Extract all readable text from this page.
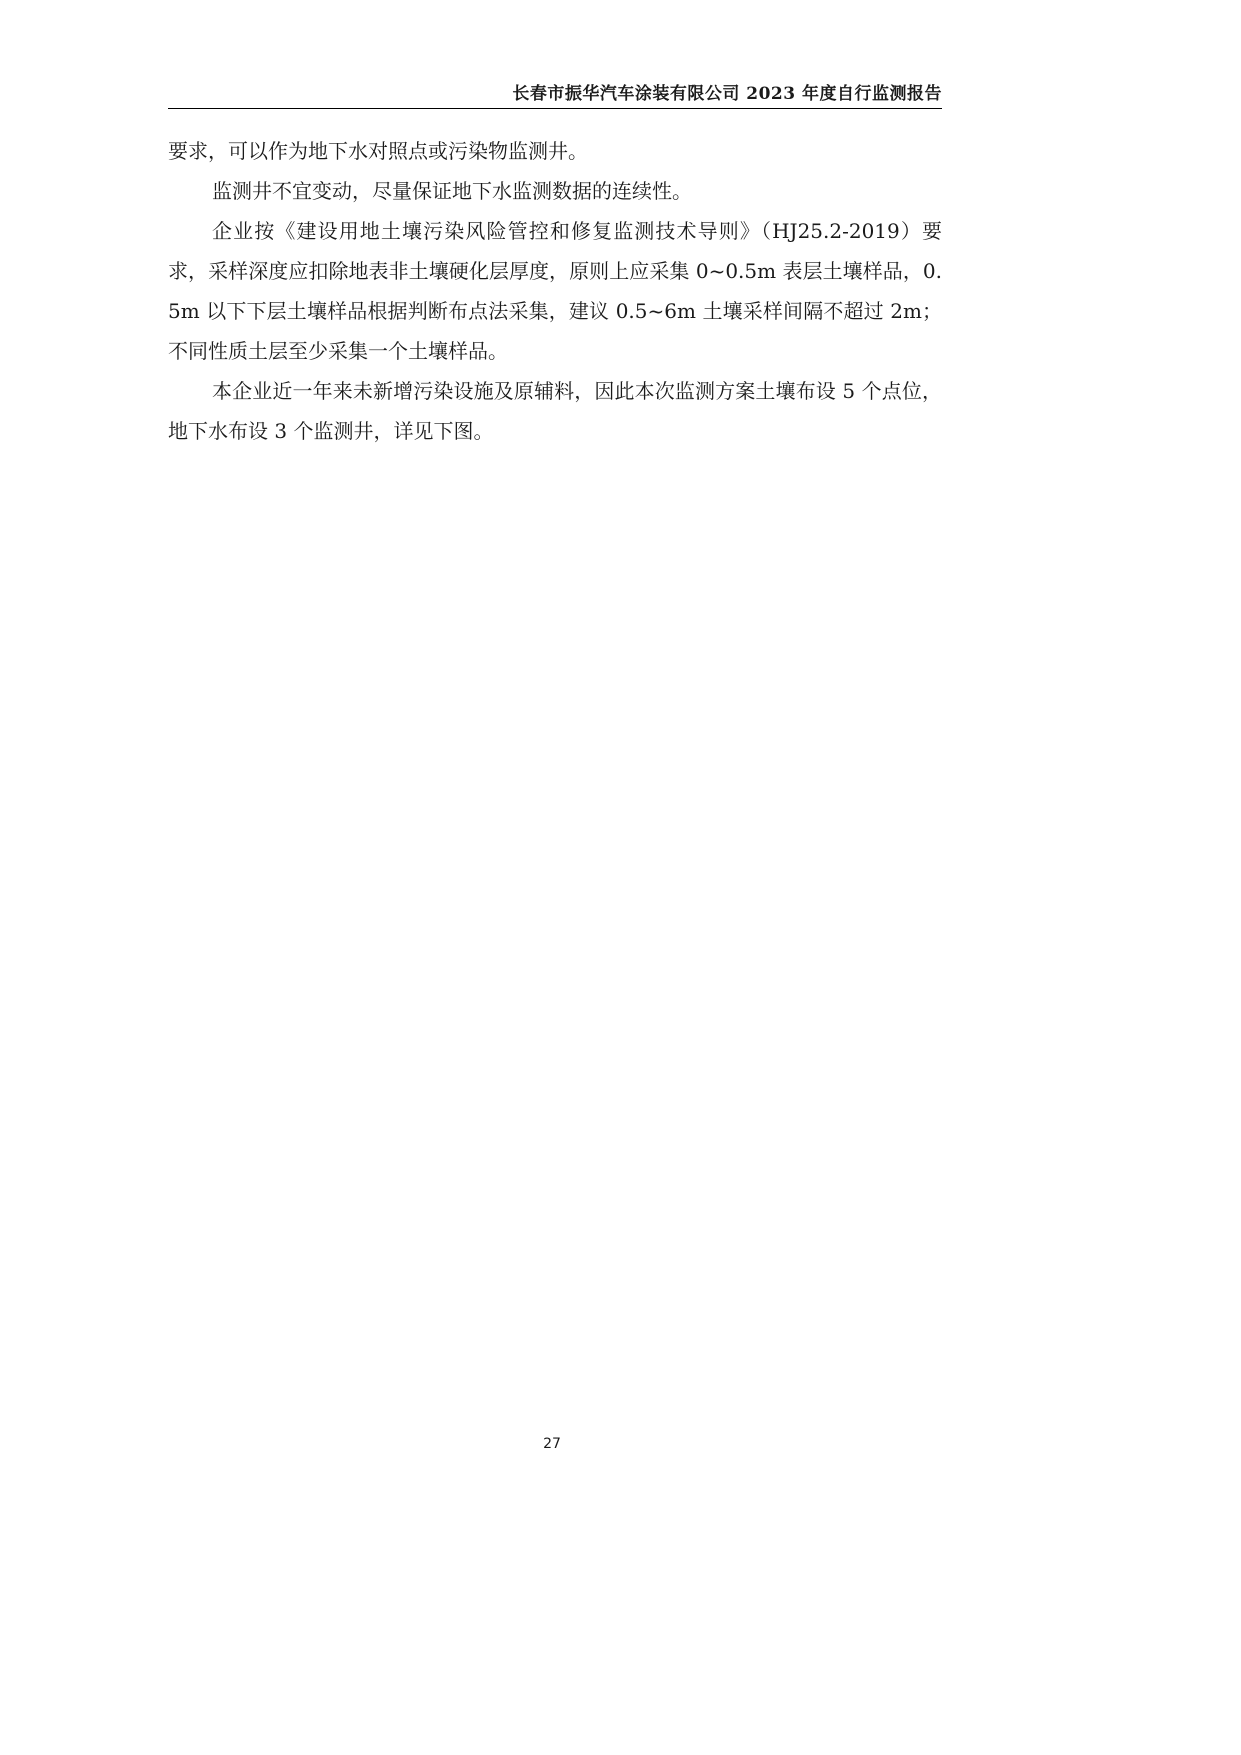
长春市振华汽车涂装有限公司 2023 年度自行监测报告

要求，可以作为地下水对照点或污染物监测井。

监测井不宜变动，尽量保证地下水监测数据的连续性。

企业按《建设用地土壤污染风险管控和修复监测技术导则》（HJ25.2-2019）要求，采样深度应扣除地表非土壤硬化层厚度，原则上应采集 0~0.5m 表层土壤样品，0.5m 以下下层土壤样品根据判断布点法采集，建议 0.5~6m 土壤采样间隔不超过 2m；不同性质土层至少采集一个土壤样品。

本企业近一年来未新增污染设施及原辅料，因此本次监测方案土壤布设 5 个点位，地下水布设 3 个监测井，详见下图。

27
